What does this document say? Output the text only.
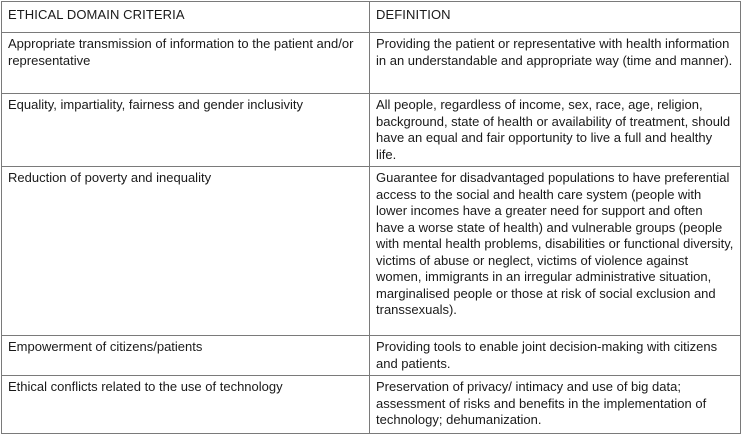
ETHICAL DOMAIN CRITERIA	DEFINITION
Appropriate transmission of information to the patient and/or representative	Providing the patient or representative with health information in an understandable and appropriate way (time and manner).
Equality, impartiality, fairness and gender inclusivity	All people, regardless of income, sex, race, age, religion, background, state of health or availability of treatment, should have an equal and fair opportunity to live a full and healthy life.
Reduction of poverty and inequality	Guarantee for disadvantaged populations to have preferential access to the social and health care system (people with lower incomes have a greater need for support and often have a worse state of health) and vulnerable groups (people with mental health problems, disabilities or functional diversity, victims of abuse or neglect, victims of violence against women, immigrants in an irregular administrative situation, marginalised people or those at risk of social exclusion and transsexuals).
Empowerment of citizens/patients	Providing tools to enable joint decision-making with citizens and patients.
Ethical conflicts related to the use of technology	Preservation of privacy/ intimacy and use of big data; assessment of risks and benefits in the implementation of technology; dehumanization.
